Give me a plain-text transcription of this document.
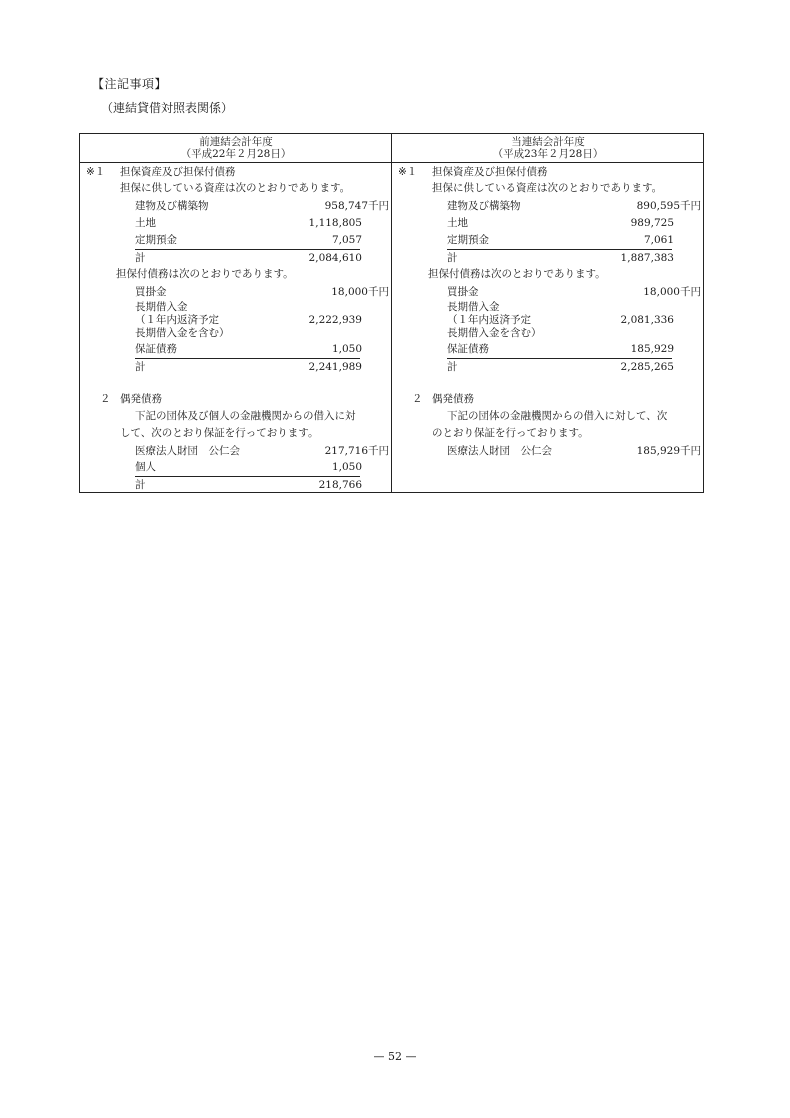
【注記事項】
（連結貸借対照表関係）
前連結会計年度
（平成22年２月28日）
※１ 担保資産及び担保付債務
担保に供している資産は次のとおりであります。
建物及び構築物	958,747千円
土地	1,118,805
定期預金	7,057
計	2,084,610
担保付債務は次のとおりであります。
買掛金	18,000千円
長期借入金
（１年内返済予定	2,222,939
長期借入金を含む）
保証債務	1,050
計	2,241,989
２ 偶発債務
下記の団体及び個人の金融機関からの借入に対
して、次のとおり保証を行っております。
医療法人財団　公仁会	217,716千円
個人	1,050
計	218,766
当連結会計年度
（平成23年２月28日）
※１ 担保資産及び担保付債務
担保に供している資産は次のとおりであります。
建物及び構築物	890,595千円
土地	989,725
定期預金	7,061
計	1,887,383
担保付債務は次のとおりであります。
買掛金	18,000千円
長期借入金
（１年内返済予定	2,081,336
長期借入金を含む）
保証債務	185,929
計	2,285,265
２ 偶発債務
下記の団体の金融機関からの借入に対して、次
のとおり保証を行っております。
医療法人財団　公仁会	185,929千円
— 52 —
